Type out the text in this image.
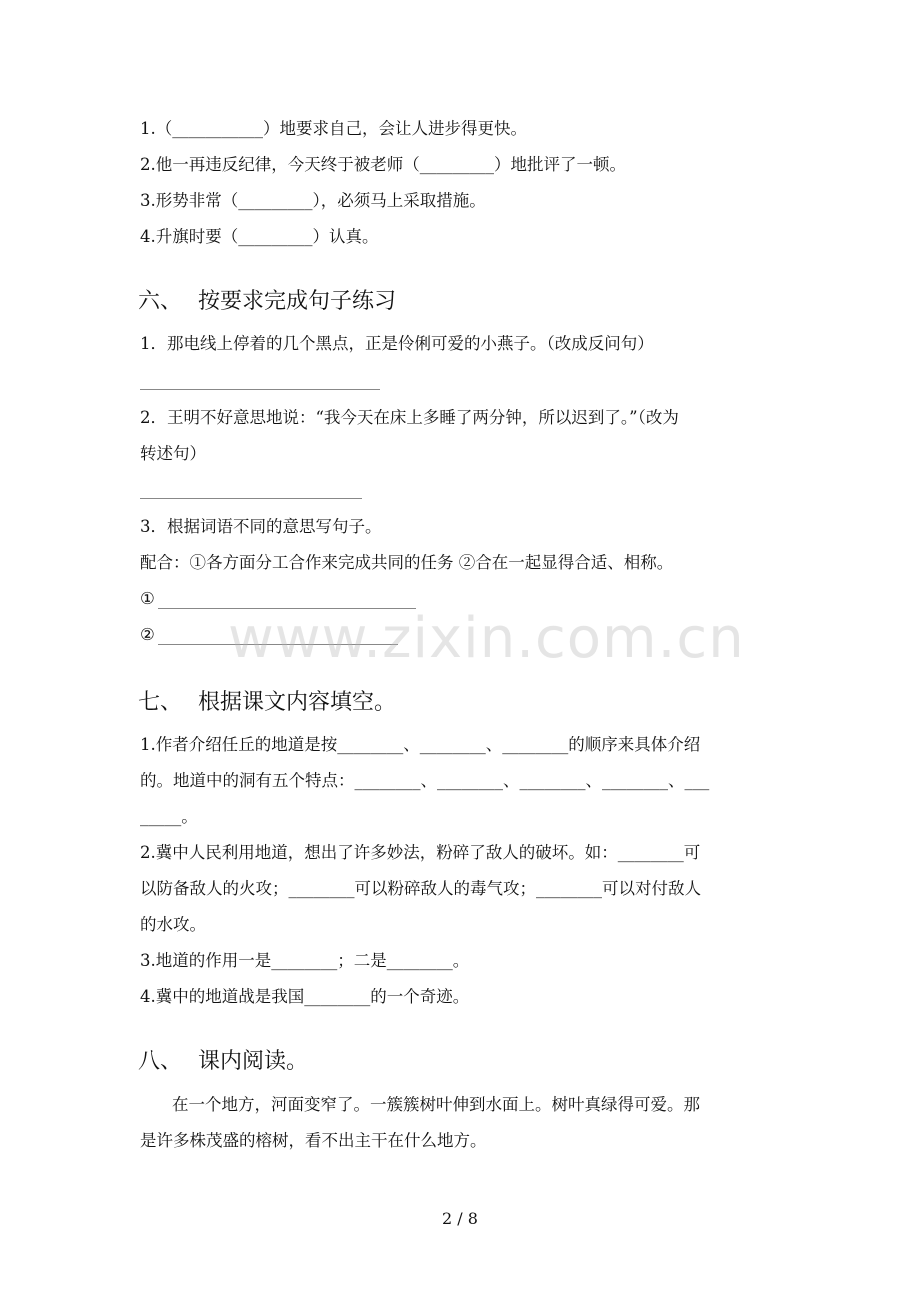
1.（___________）地要求自己，会让人进步得更快。
2.他一再违反纪律，今天终于被老师（_________）地批评了一顿。
3.形势非常（_________），必须马上采取措施。
4.升旗时要（_________）认真。
六、 按要求完成句子练习
1．那电线上停着的几个黑点，正是伶俐可爱的小燕子。（改成反问句）
2．王明不好意思地说：“我今天在床上多睡了两分钟，所以迟到了。”（改为
转述句）
3．根据词语不同的意思写句子。
配合：①各方面分工合作来完成共同的任务 ②合在一起显得合适、相称。
①
② www.zixin.com.cn
七、 根据课文内容填空。
1.作者介绍任丘的地道是按________、________、________的顺序来具体介绍
的。地道中的洞有五个特点：________、________、________、________、___
_____。
2.冀中人民利用地道，想出了许多妙法，粉碎了敌人的破坏。如：________可
以防备敌人的火攻；________可以粉碎敌人的毒气攻；________可以对付敌人
的水攻。
3.地道的作用一是________；二是________。
4.冀中的地道战是我国________的一个奇迹。
八、 课内阅读。
在一个地方，河面变窄了。一簇簇树叶伸到水面上。树叶真绿得可爱。那
是许多株茂盛的榕树，看不出主干在什么地方。
2 / 8
